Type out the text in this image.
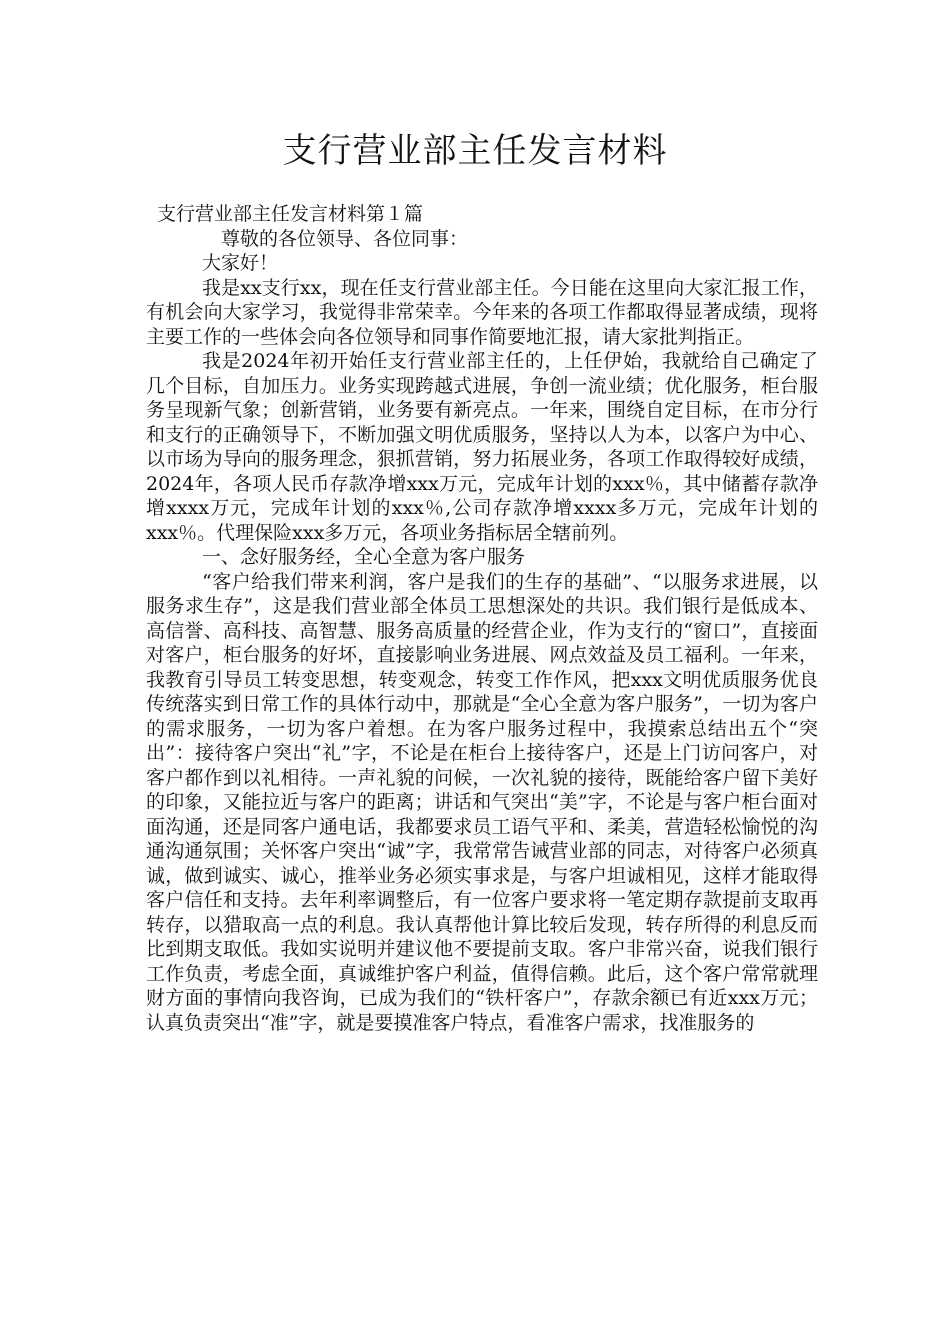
支行营业部主任发言材料
支行营业部主任发言材料第１篇
尊敬的各位领导、各位同事：

大家好！

我是xx支行xx，现在任支行营业部主任。今日能在这里向大家汇报工作，有机会向大家学习，我觉得非常荣幸。今年来的各项工作都取得显著成绩，现将主要工作的一些体会向各位领导和同事作简要地汇报，请大家批判指正。

我是2024年初开始任支行营业部主任的，上任伊始，我就给自己确定了几个目标，自加压力。业务实现跨越式进展，争创一流业绩；优化服务，柜台服务呈现新气象；创新营销，业务要有新亮点。一年来，围绕自定目标，在市分行和支行的正确领导下，不断加强文明优质服务，坚持以人为本，以客户为中心、以市场为导向的服务理念，狠抓营销，努力拓展业务，各项工作取得较好成绩，2024年，各项人民币存款净增xxx万元，完成年计划的xxx％，其中储蓄存款净增xxxx万元，完成年计划的xxx％,公司存款净增xxxx多万元，完成年计划的xxx％。代理保险xxx多万元，各项业务指标居全辖前列。

一、念好服务经，全心全意为客户服务

“客户给我们带来利润，客户是我们的生存的基础”、“以服务求进展，以服务求生存”，这是我们营业部全体员工思想深处的共识。我们银行是低成本、高信誉、高科技、高智慧、服务高质量的经营企业，作为支行的“窗口”，直接面对客户，柜台服务的好坏，直接影响业务进展、网点效益及员工福利。一年来，我教育引导员工转变思想，转变观念，转变工作作风，把xxx文明优质服务优良传统落实到日常工作的具体行动中，那就是“全心全意为客户服务”，一切为客户的需求服务，一切为客户着想。在为客户服务过程中，我摸索总结出五个“突出”：接待客户突出“礼”字，不论是在柜台上接待客户，还是上门访问客户，对客户都作到以礼相待。一声礼貌的问候，一次礼貌的接待，既能给客户留下美好的印象，又能拉近与客户的距离；讲话和气突出“美”字，不论是与客户柜台面对面沟通，还是同客户通电话，我都要求员工语气平和、柔美，营造轻松愉悦的沟通沟通氛围；关怀客户突出“诚”字，我常常告诫营业部的同志，对待客户必须真诚，做到诚实、诚心，推举业务必须实事求是，与客户坦诚相见，这样才能取得客户信任和支持。去年利率调整后，有一位客户要求将一笔定期存款提前支取再转存，以猎取高一点的利息。我认真帮他计算比较后发现，转存所得的利息反而比到期支取低。我如实说明并建议他不要提前支取。客户非常兴奋，说我们银行工作负责，考虑全面，真诚维护客户利益，值得信赖。此后，这个客户常常就理财方面的事情向我咨询，已成为我们的“铁杆客户”，存款余额已有近xxx万元；认真负责突出“准”字，就是要摸准客户特点，看准客户需求，找准服务的
